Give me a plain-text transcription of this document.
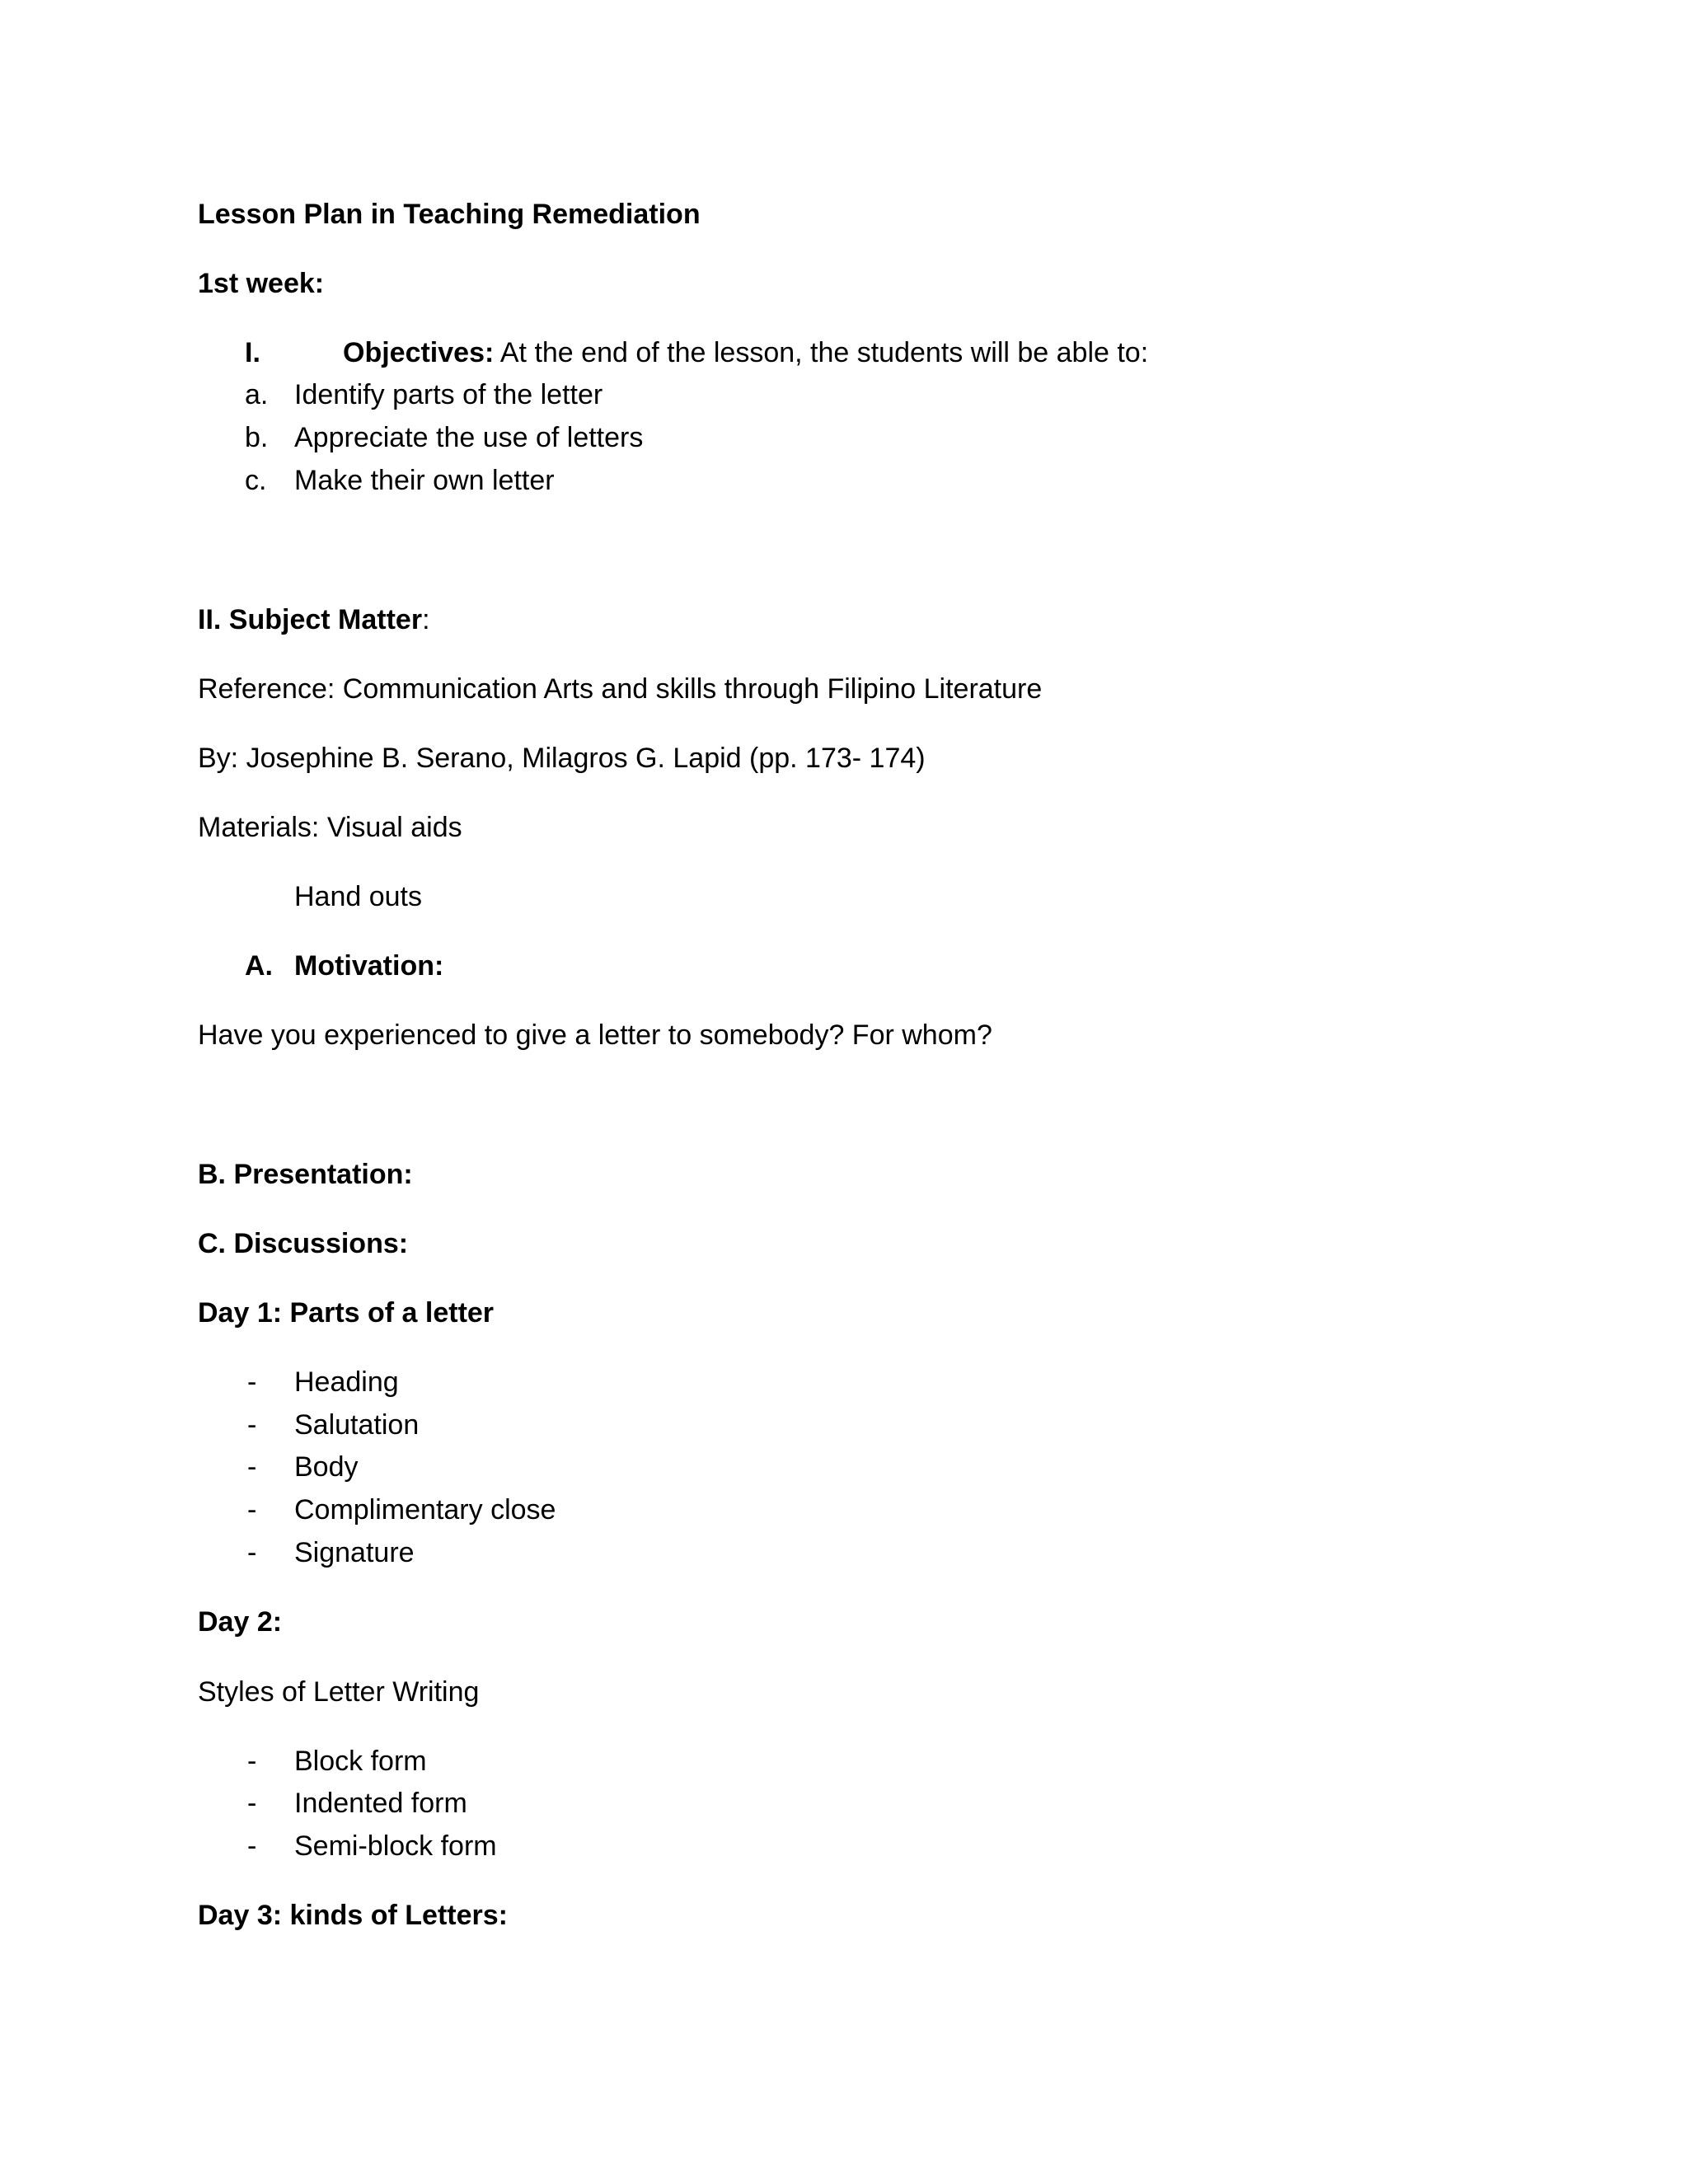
Lesson Plan in Teaching Remediation
1st week:
I.	Objectives: At the end of the lesson, the students will be able to:
a. Identify parts of the letter
b. Appreciate the use of letters
c. Make their own letter
II. Subject Matter:
Reference: Communication Arts and skills through Filipino Literature
By: Josephine B. Serano, Milagros G. Lapid (pp. 173- 174)
Materials: Visual aids
Hand outs
A. Motivation:
Have you experienced to give a letter to somebody? For whom?
B. Presentation:
C. Discussions:
Day 1: Parts of a letter
- Heading
- Salutation
- Body
- Complimentary close
- Signature
Day 2:
Styles of Letter Writing
- Block form
- Indented form
- Semi-block form
Day 3: kinds of Letters:
